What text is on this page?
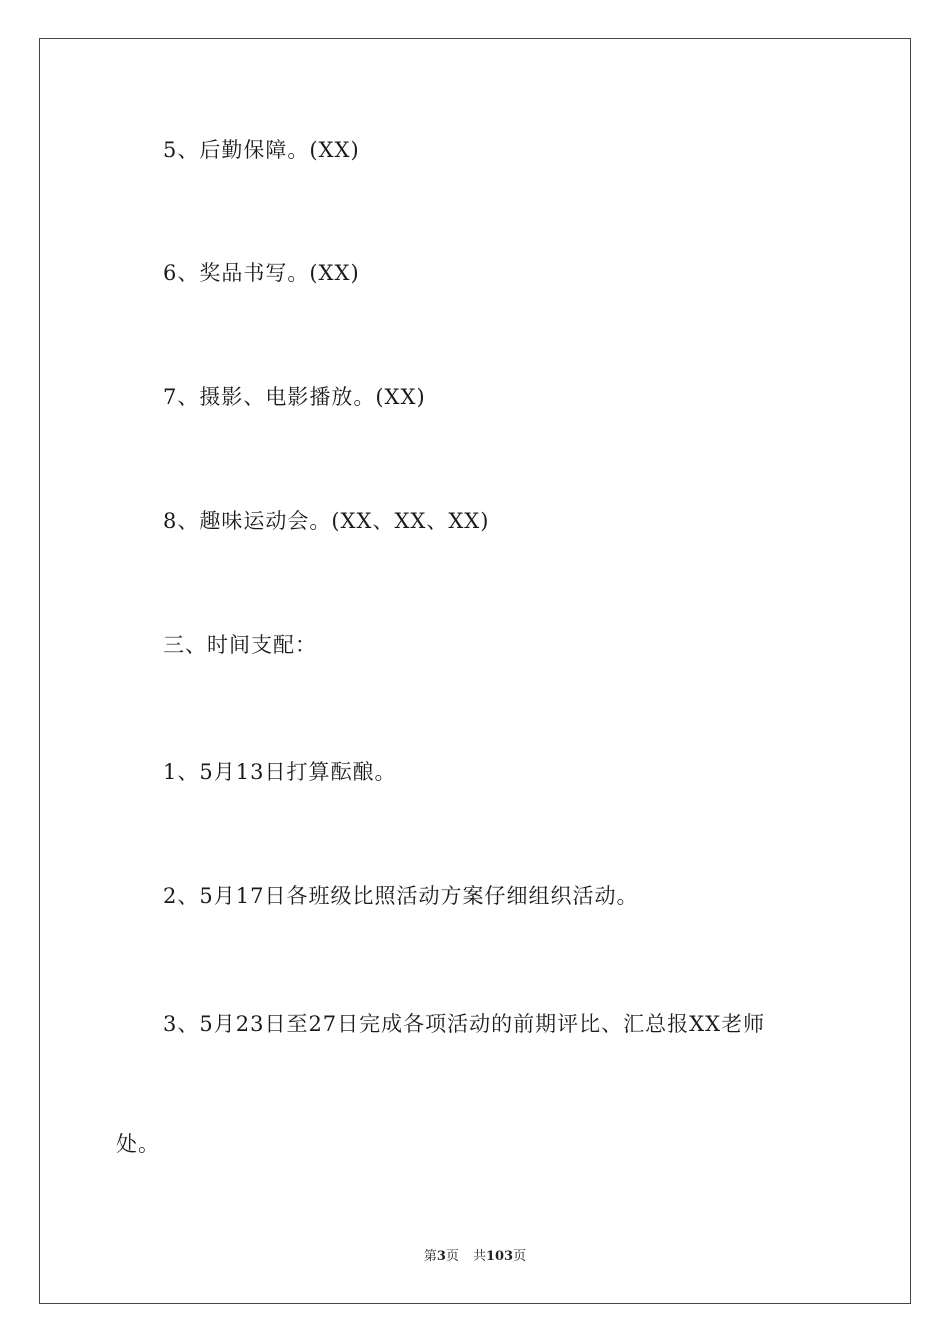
5、后勤保障。(XX)
6、奖品书写。(XX)
7、摄影、电影播放。(XX)
8、趣味运动会。(XX、XX、XX)
三、时间支配：
1、5月13日打算酝酿。
2、5月17日各班级比照活动方案仔细组织活动。
3、5月23日至27日完成各项活动的前期评比、汇总报XX老师
处。
第3页 共103页
